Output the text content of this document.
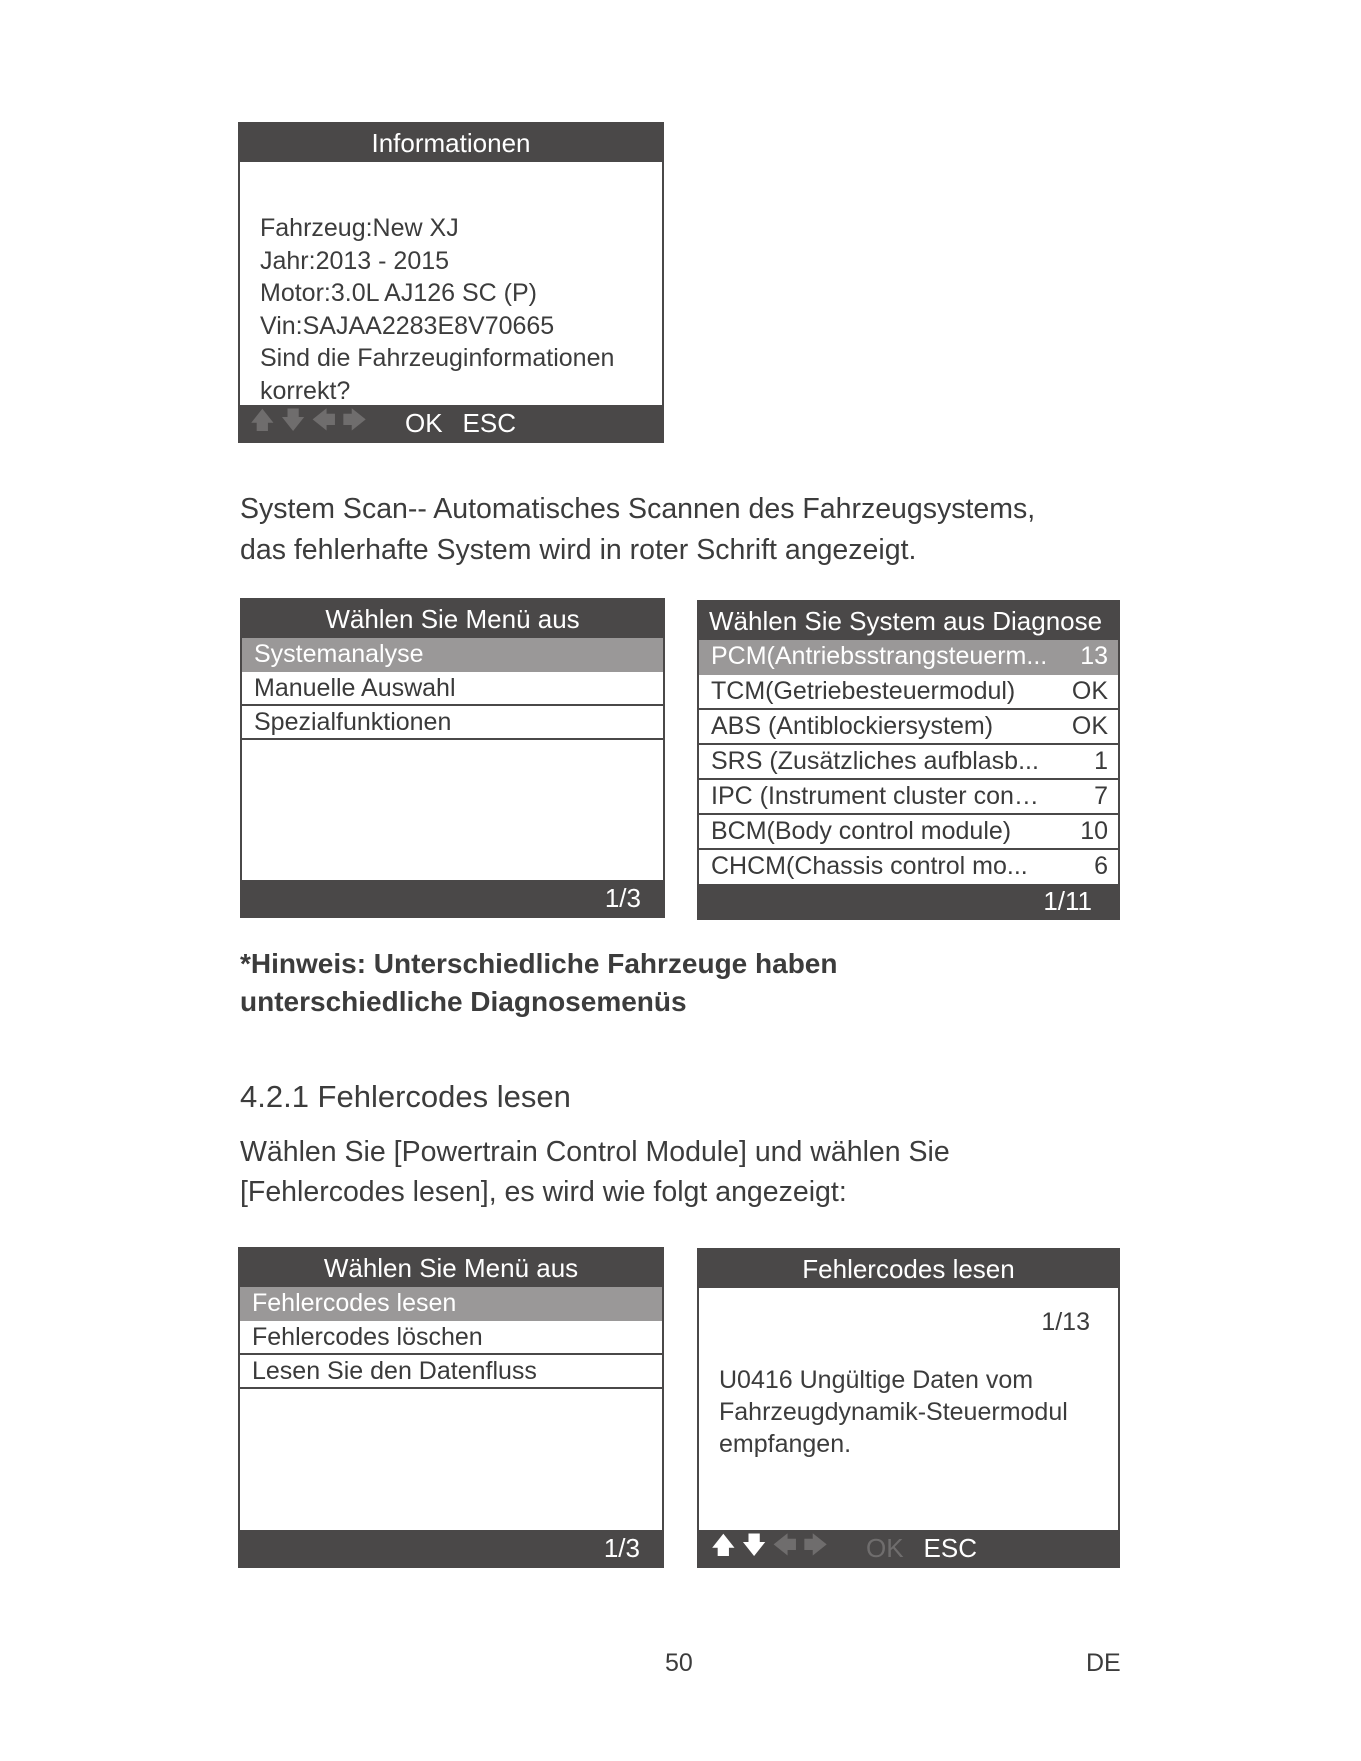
Informationen
Fahrzeug:New XJ
Jahr:2013 - 2015
Motor:3.0L AJ126 SC (P)
Vin:SAJAA2283E8V70665
Sind die Fahrzeuginformationen
korrekt?
🡅 🡇 🡄 🡆 OK ESC
System Scan-- Automatisches Scannen des Fahrzeugsystems,
das fehlerhafte System wird in roter Schrift angezeigt.
Wählen Sie Menü aus
Systemanalyse
Manuelle Auswahl
Spezialfunktionen
1/3
Wählen Sie System aus Diagnose
PCM(Antriebsstrangsteuerm...	13
TCM(Getriebesteuermodul)	OK
ABS (Antiblockiersystem)	OK
SRS (Zusätzliches aufblasb...	1
IPC (Instrument cluster con…	7
BCM(Body control module)	10
CHCM(Chassis control mo...	6
1/11
*Hinweis: Unterschiedliche Fahrzeuge haben
unterschiedliche Diagnosemenüs
4.2.1 Fehlercodes lesen
Wählen Sie [Powertrain Control Module] und wählen Sie
[Fehlercodes lesen], es wird wie folgt angezeigt:
Wählen Sie Menü aus
Fehlercodes lesen
Fehlercodes löschen
Lesen Sie den Datenfluss
1/3
Fehlercodes lesen
1/13
U0416 Ungültige Daten vom
Fahrzeugdynamik-Steuermodul
empfangen.
🡅 🡇 🡄 🡆 OK ESC
50	DE
